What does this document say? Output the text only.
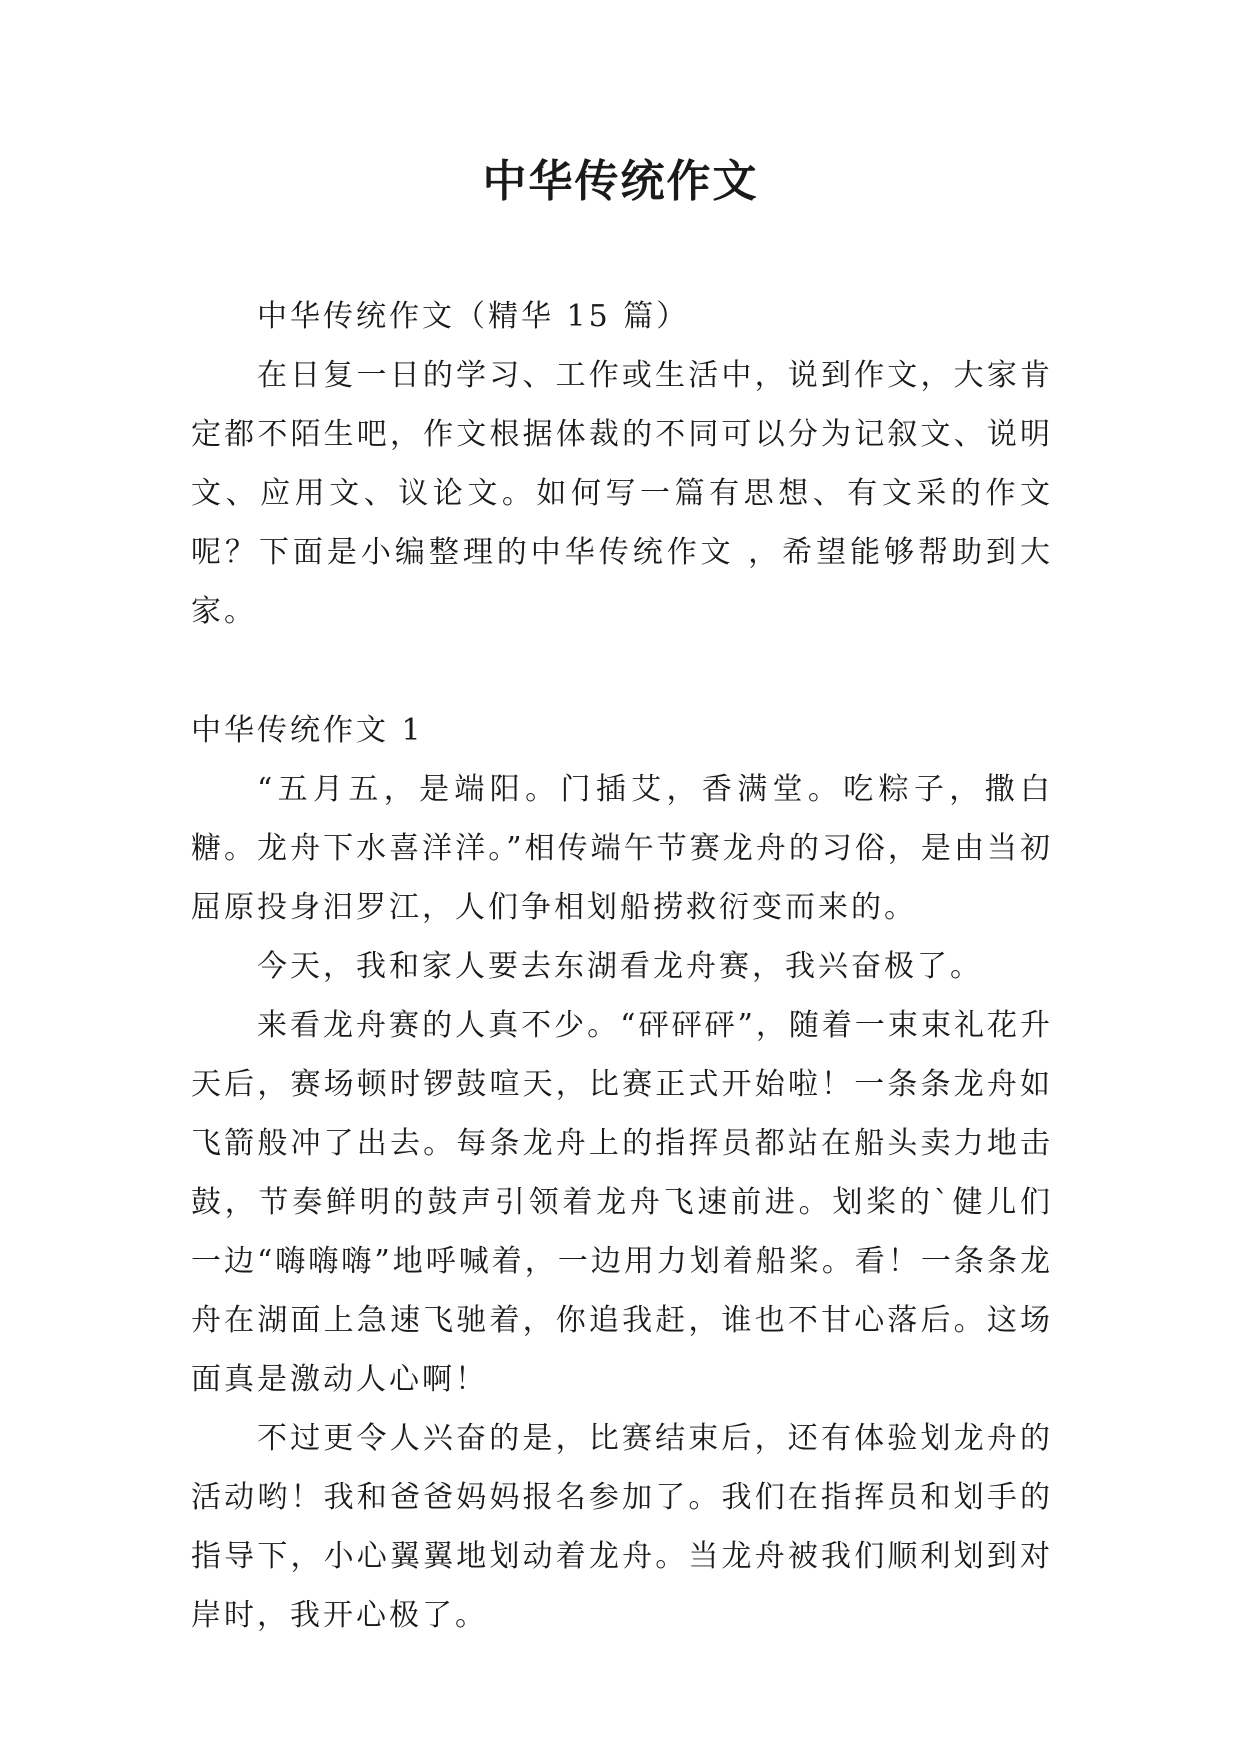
中华传统作文

中华传统作文（精华 15 篇）

在日复一日的学习、工作或生活中，说到作文，大家肯定都不陌生吧，作文根据体裁的不同可以分为记叙文、说明文、应用文、议论文。如何写一篇有思想、有文采的作文呢？下面是小编整理的中华传统作文 ，希望能够帮助到大家。

中华传统作文 1

“五月五，是端阳。门插艾，香满堂。吃粽子，撒白糖。龙舟下水喜洋洋。”相传端午节赛龙舟的习俗，是由当初屈原投身汨罗江，人们争相划船捞救衍变而来的。

今天，我和家人要去东湖看龙舟赛，我兴奋极了。

来看龙舟赛的人真不少。“砰砰砰”，随着一束束礼花升天后，赛场顿时锣鼓喧天，比赛正式开始啦！一条条龙舟如飞箭般冲了出去。每条龙舟上的指挥员都站在船头卖力地击鼓，节奏鲜明的鼓声引领着龙舟飞速前进。划桨的`健儿们一边“嗨嗨嗨”地呼喊着，一边用力划着船桨。看！一条条龙舟在湖面上急速飞驰着，你追我赶，谁也不甘心落后。这场面真是激动人心啊！

不过更令人兴奋的是，比赛结束后，还有体验划龙舟的活动哟！我和爸爸妈妈报名参加了。我们在指挥员和划手的指导下，小心翼翼地划动着龙舟。当龙舟被我们顺利划到对岸时，我开心极了。
